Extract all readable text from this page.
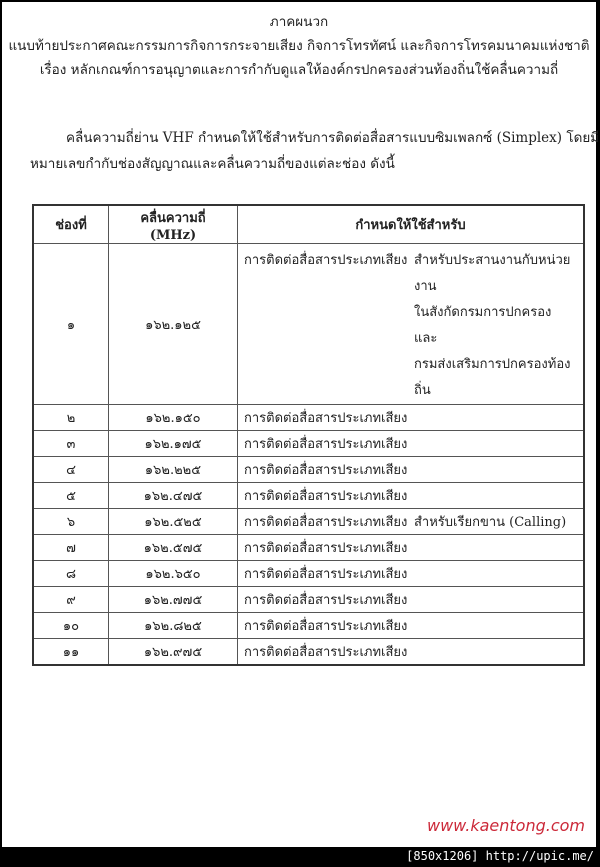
ภาคผนวก
แนบท้ายประกาศคณะกรรมการกิจการกระจายเสียง กิจการโทรทัศน์ และกิจการโทรคมนาคมแห่งชาติ
เรื่อง หลักเกณฑ์การอนุญาตและการกำกับดูแลให้องค์กรปกครองส่วนท้องถิ่นใช้คลื่นความถี่
คลื่นความถี่ย่าน VHF กำหนดให้ใช้สำหรับการติดต่อสื่อสารแบบซิมเพลกซ์ (Simplex) โดยมี
หมายเลขกำกับช่องสัญญาณและคลื่นความถี่ของแต่ละช่อง ดังนี้
ช่องที่	คลื่นความถี่ (MHz)	กำหนดให้ใช้สำหรับ
๑	๑๖๒.๑๒๕	การติดต่อสื่อสารประเภทเสียง สำหรับประสานงานกับหน่วยงาน
ในสังกัดกรมการปกครอง และ
กรมส่งเสริมการปกครองท้องถิ่น

๒	๑๖๒.๑๕๐	การติดต่อสื่อสารประเภทเสียง

๓	๑๖๒.๑๗๕	การติดต่อสื่อสารประเภทเสียง

๔	๑๖๒.๒๒๕	การติดต่อสื่อสารประเภทเสียง

๕	๑๖๒.๔๗๕	การติดต่อสื่อสารประเภทเสียง

๖	๑๖๒.๕๒๕	การติดต่อสื่อสารประเภทเสียง สำหรับเรียกขาน (Calling)

๗	๑๖๒.๕๗๕	การติดต่อสื่อสารประเภทเสียง

๘	๑๖๒.๖๕๐	การติดต่อสื่อสารประเภทเสียง

๙	๑๖๒.๗๗๕	การติดต่อสื่อสารประเภทเสียง

๑๐	๑๖๒.๘๒๕	การติดต่อสื่อสารประเภทเสียง

๑๑	๑๖๒.๙๗๕	การติดต่อสื่อสารประเภทเสียง
www.kaentong.com
[850x1206] http://upic.me/
